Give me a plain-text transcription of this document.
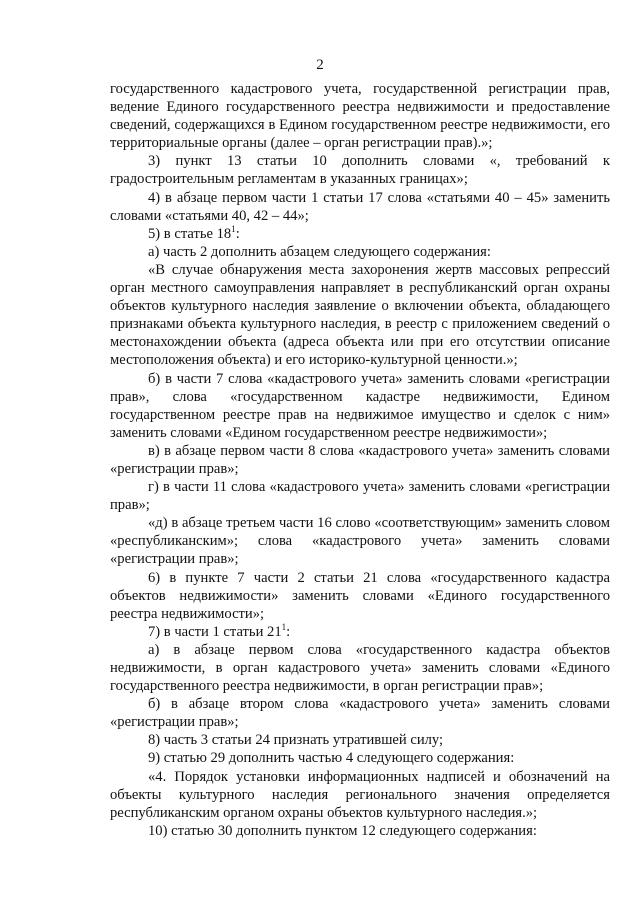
2

государственного кадастрового учета, государственной регистрации прав, ведение Единого государственного реестра недвижимости и предоставление сведений, содержащихся в Едином государственном реестре недвижимости, его территориальные органы (далее – орган регистрации прав).»;

3) пункт 13 статьи 10 дополнить словами «, требований к градостроительным регламентам в указанных границах»;

4) в абзаце первом части 1 статьи 17 слова «статьями 40 – 45» заменить словами «статьями 40, 42 – 44»;

5) в статье $18^1$:

а) часть 2 дополнить абзацем следующего содержания:

«В случае обнаружения места захоронения жертв массовых репрессий орган местного самоуправления направляет в республиканский орган охраны объектов культурного наследия заявление о включении объекта, обладающего признаками объекта культурного наследия, в реестр с приложением сведений о местонахождении объекта (адреса объекта или при его отсутствии описание местоположения объекта) и его историко-культурной ценности.»;

б) в части 7 слова «кадастрового учета» заменить словами «регистрации прав», слова «государственном кадастре недвижимости, Едином государственном реестре прав на недвижимое имущество и сделок с ним» заменить словами «Едином государственном реестре недвижимости»;

в) в абзаце первом части 8 слова «кадастрового учета» заменить словами «регистрации прав»;

г) в части 11 слова «кадастрового учета» заменить словами «регистрации прав»;

«д) в абзаце третьем части 16 слово «соответствующим» заменить словом «республиканским»; слова «кадастрового учета» заменить словами «регистрации прав»;

6) в пункте 7 части 2 статьи 21 слова «государственного кадастра объектов недвижимости» заменить словами «Единого государственного реестра недвижимости»;

7) в части 1 статьи $21^1$:

а) в абзаце первом слова «государственного кадастра объектов недвижимости, в орган кадастрового учета» заменить словами «Единого государственного реестра недвижимости, в орган регистрации прав»;

б) в абзаце втором слова «кадастрового учета» заменить словами «регистрации прав»;

8) часть 3 статьи 24 признать утратившей силу;

9) статью 29 дополнить частью 4 следующего содержания:

«4. Порядок установки информационных надписей и обозначений на объекты культурного наследия регионального значения определяется республиканским органом охраны объектов культурного наследия.»;

10) статью 30 дополнить пунктом 12 следующего содержания:
